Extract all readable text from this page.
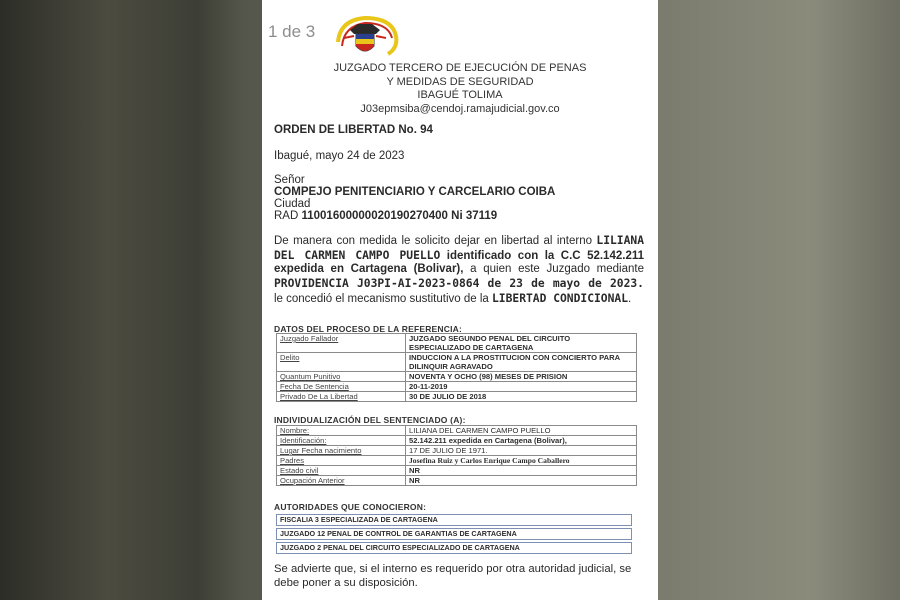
1 de 3
JUZGADO TERCERO DE EJECUCIÓN DE PENAS
Y MEDIDAS DE SEGURIDAD
IBAGUÉ TOLIMA
J03epmsiba@cendoj.ramajudicial.gov.co
ORDEN DE LIBERTAD No. 94
Ibagué, mayo 24 de 2023
Señor
COMPEJO PENITENCIARIO Y CARCELARIO COIBA
Ciudad
RAD 11001600000020190270400 Ni 37119
De manera con medida le solicito dejar en libertad al interno LILIANA DEL CARMEN CAMPO PUELLO identificado con la C.C 52.142.211 expedida en Cartagena (Bolivar), a quien este Juzgado mediante PROVIDENCIA J03PI-AI-2023-0864 de 23 de mayo de 2023. le concedió el mecanismo sustitutivo de la LIBERTAD CONDICIONAL.
DATOS DEL PROCESO DE LA REFERENCIA:
Juzgado Fallador	JUZGADO SEGUNDO PENAL DEL CIRCUITO ESPECIALIZADO DE CARTAGENA
Delito	INDUCCION A LA PROSTITUCION CON CONCIERTO PARA DILINQUIR AGRAVADO
Quantum Punitivo	NOVENTA Y OCHO (98) MESES DE PRISION
Fecha De Sentencia	20-11-2019
Privado De La Libertad	30 DE JULIO DE 2018
INDIVIDUALIZACIÓN DEL SENTENCIADO (A):
Nombre:	LILIANA DEL CARMEN CAMPO PUELLO
Identificación:	52.142.211 expedida en Cartagena (Bolivar),
Lugar Fecha nacimiento	17 DE JULIO DE 1971.
Padres	Josefina Ruiz y Carlos Enrique Campo Caballero
Estado civil	NR
Ocupación Anterior	NR
AUTORIDADES QUE CONOCIERON:
FISCALIA 3 ESPECIALIZADA DE CARTAGENA
JUZGADO 12 PENAL DE CONTROL DE GARANTIAS DE CARTAGENA
JUZGADO 2 PENAL DEL CIRCUITO ESPECIALIZADO DE CARTAGENA
Se advierte que, si el interno es requerido por otra autoridad judicial, se debe poner a su disposición.
